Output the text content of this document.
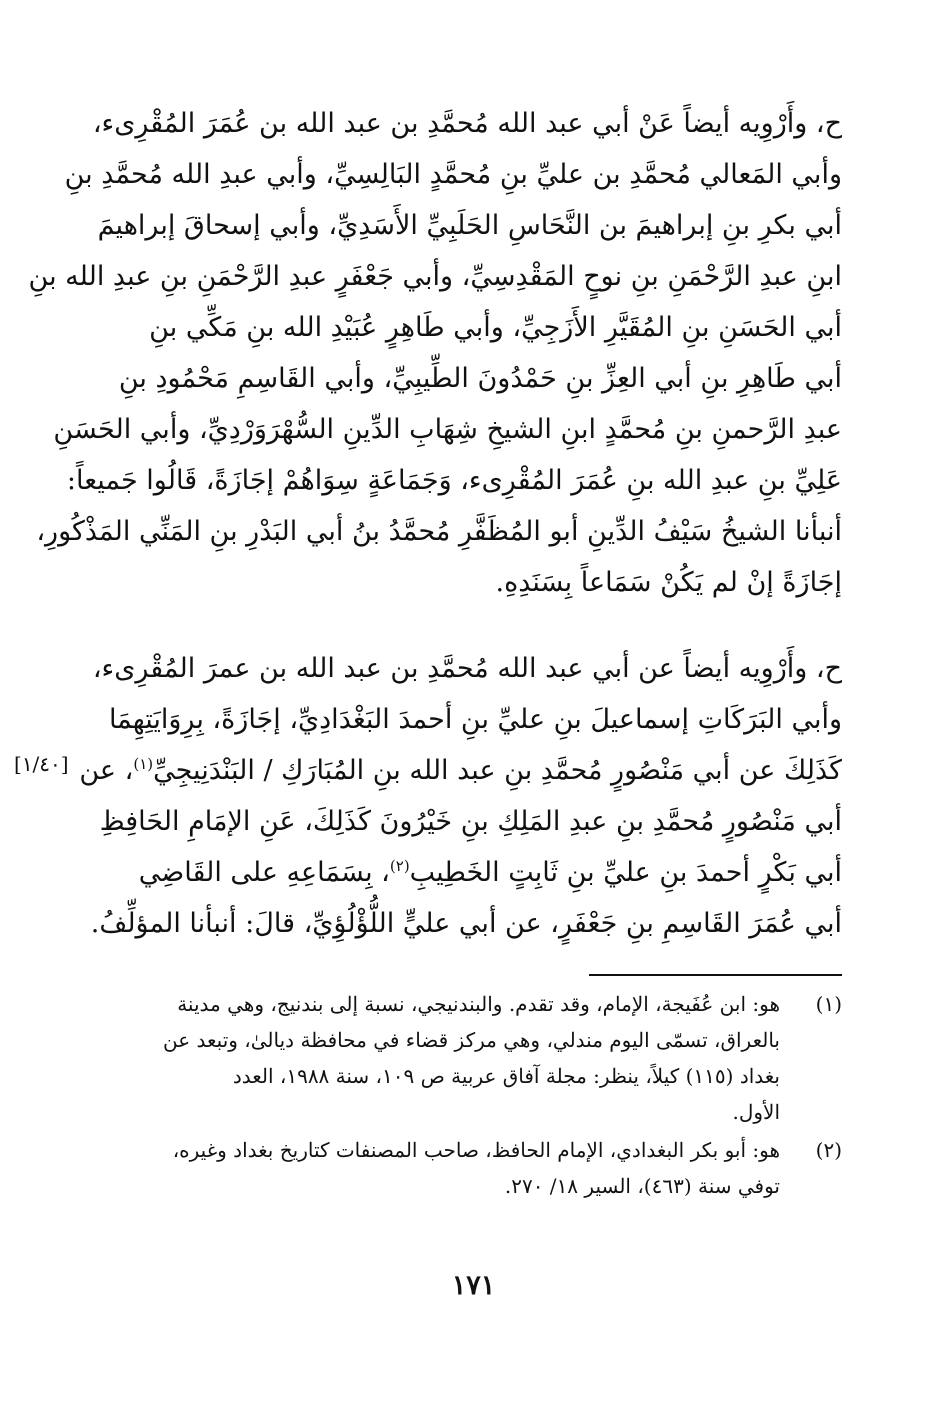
ح، وأَرْوِيه أيضاً عَنْ أبي عبد الله مُحمَّدِ بن عبد الله بن عُمَرَ المُقْرِىء،
وأبي المَعالي مُحمَّدِ بن عليِّ بنِ مُحمَّدٍ البَالِسِيِّ، وأبي عبدِ الله مُحمَّدِ بنِ
أبي بكرِ بنِ إبراهيمَ بن النَّحَاسِ الحَلَبِيِّ الأَسَدِيِّ، وأبي إسحاقَ إبراهيمَ
ابنِ عبدِ الرَّحْمَنِ بنِ نوحٍ المَقْدِسِيِّ، وأبي جَعْفَرٍ عبدِ الرَّحْمَنِ بنِ عبدِ الله بنِ
أبي الحَسَنِ بنِ المُقَيَّرِ الأَزَجِيِّ، وأبي طَاهِرٍ عُبَيْدِ الله بنِ مَكِّي بنِ
أبي طَاهِرِ بنِ أبي العِزِّ بنِ حَمْدُونَ الطِّيبِيِّ، وأبي القَاسِمِ مَحْمُودِ بنِ
عبدِ الرَّحمنِ بنِ مُحمَّدٍ ابنِ الشيخِ شِهَابِ الدِّينِ السُّهْرَوَرْدِيِّ، وأبي الحَسَنِ
عَلِيِّ بنِ عبدِ الله بنِ عُمَرَ المُقْرِىء، وَجَمَاعَةٍ سِوَاهُمْ إجَازَةً، قَالُوا جَميعاً:
أنبأنا الشيخُ سَيْفُ الدِّينِ أبو المُظَفَّرِ مُحمَّدُ بنُ أبي البَدْرِ بنِ المَنِّي المَذْكُورِ،
إجَازَةً إنْ لم يَكُنْ سَمَاعاً بِسَنَدِهِ.
ح، وأَرْوِيه أيضاً عن أبي عبد الله مُحمَّدِ بن عبد الله بن عمرَ المُقْرِىء،
وأبي البَرَكَاتِ إسماعيلَ بنِ عليِّ بنِ أحمدَ البَغْدَادِيِّ، إجَازَةً، بِرِوَايَتِهِمَا
كَذَلِكَ عن أبي مَنْصُورٍ مُحمَّدِ بنِ عبد الله بنِ المُبَارَكِ / البَنْدَنِيجِيِّ$^{(١)}$، عن
أبي مَنْصُورٍ مُحمَّدِ بنِ عبدِ المَلِكِ بنِ خَيْرُونَ كَذَلِكَ، عَنِ الإمَامِ الحَافِظِ
أبي بَكْرٍ أحمدَ بنِ عليِّ بنِ ثَابِتٍ الخَطِيبِ$^{(٢)}$، بِسَمَاعِهِ على القَاضِي
أبي عُمَرَ القَاسِمِ بنِ جَعْفَرٍ، عن أبي عليٍّ اللُّؤْلُؤِيِّ، قالَ: أنبأنا المؤلِّفُ.
[١/٤٠]
(١)
هو: ابن عُفَيجة، الإمام، وقد تقدم. والبندنيجي، نسبة إلى بندنيج، وهي مدينة
بالعراق، تسمّى اليوم مندلي، وهي مركز قضاء في محافظة ديالىٰ، وتبعد عن
بغداد (١١٥) كيلاً، ينظر: مجلة آفاق عربية ص ١٠٩، سنة ١٩٨٨، العدد
الأول.
(٢)
هو: أبو بكر البغدادي، الإمام الحافظ، صاحب المصنفات كتاريخ بغداد وغيره،
توفي سنة (٤٦٣)، السير ١٨/ ٢٧٠.
١٧١
